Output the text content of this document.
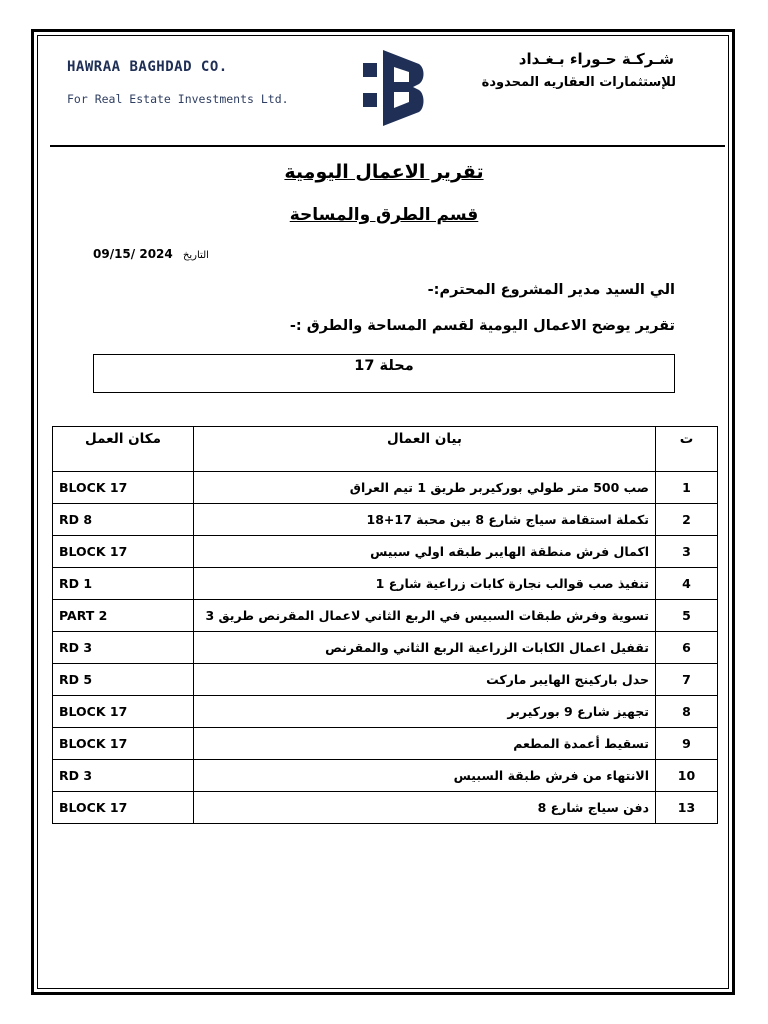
HAWRAA BAGHDAD CO.
For Real Estate Investments Ltd.
شـركـة حـوراء بـغـداد
للإستثمارات العقاريه المحدودة
تقرير الاعمال اليومية
قسم الطرق والمساحة
التاريخ 2024 /09/15
الي السيد مدير المشروع المحترم:-
تقرير يوضح الاعمال اليومية لقسم المساحة والطرق :-
محلة 17
ت	بيان العمال	مكان العمل
1	صب 500 متر طولي بوركيربر طريق 1 تيم العراق	BLOCK 17
2	تكملة استقامة سياج شارع 8 بين محبة 17+18	RD 8
3	اكمال فرش منطقة الهايبر طبقه اولي سبيس	BLOCK 17
4	تنفيذ صب قوالب نجارة كابات زراعية شارع 1	RD 1
5	تسوية وفرش طبقات السبيس في الربع الثاني لاعمال المقرنص طريق 3	PART 2
6	تقفيل اعمال الكابات الزراعية الربع الثاني والمقرنص	RD 3
7	حدل باركينج الهايبر ماركت	RD 5
8	تجهيز شارع 9 بوركيربر	BLOCK 17
9	تسقيط أعمدة المطعم	BLOCK 17
10	الانتهاء من فرش طبقة السبيس	RD 3
13	دفن سياج شارع 8	BLOCK 17
